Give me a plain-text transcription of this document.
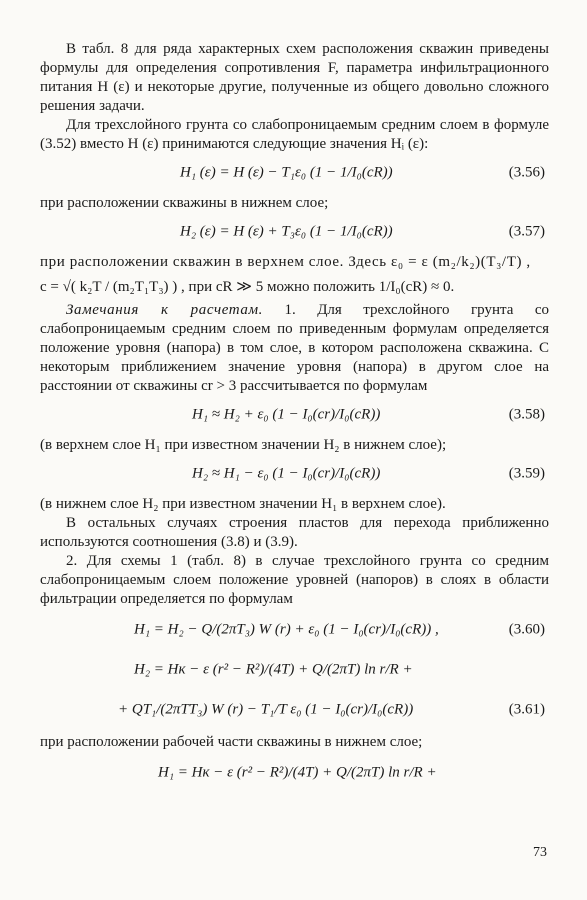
В табл. 8 для ряда характерных схем расположения скважин приведены формулы для определения сопротивления F, параметра инфильтрационного питания Н (ε) и некоторые другие, полученные из общего довольно сложного решения задачи.

Для трехслойного грунта со слабопроницаемым средним слоем в формуле (3.52) вместо Н (ε) принимаются следующие значения Нᵢ (ε):

H₁ (ε) = H (ε) − T₁ε₀ (1 − 1/I₀(cR))	(3.56)

при расположении скважины в нижнем слое;

H₂ (ε) = H (ε) + T₃ε₀ (1 − 1/I₀(cR))	(3.57)

при расположении скважин в верхнем слое. Здесь ε₀ = ε (m₂/k₂)(T₃/T) ,

c = √( k₂T / (m₂T₁T₃) ) , при cR ≫ 5 можно положить 1/I₀(cR) ≈ 0.

Замечания к расчетам. 1. Для трехслойного грунта со слабопроницаемым средним слоем по приведенным формулам определяется положение уровня (напора) в том слое, в котором расположена скважина. С некоторым приближением значение уровня (напора) в другом слое на расстоянии от скважины cr > 3 рассчитывается по формулам

H₁ ≈ H₂ + ε₀ (1 − I₀(cr)/I₀(cR))	(3.58)

(в верхнем слое H₁ при известном значении H₂ в нижнем слое);

H₂ ≈ H₁ − ε₀ (1 − I₀(cr)/I₀(cR))	(3.59)

(в нижнем слое H₂ при известном значении H₁ в верхнем слое).

В остальных случаях строения пластов для перехода приближенно используются соотношения (3.8) и (3.9).

2. Для схемы 1 (табл. 8) в случае трехслойного грунта со средним слабопроницаемым слоем положение уровней (напоров) в слоях в области фильтрации определяется по формулам

H₁ = H₂ − Q/(2πT₃) W (r) + ε₀ (1 − I₀(cr)/I₀(cR)) ,	(3.60)
H₂ = Hк − ε (r² − R²)/(4T) + Q/(2πT) ln r/R +
+ QT₁/(2πTT₃) W (r) − T₁/T ε₀ (1 − I₀(cr)/I₀(cR))	(3.61)

при расположении рабочей части скважины в нижнем слое;

H₁ = Hк − ε (r² − R²)/(4T) + Q/(2πT) ln r/R +
73
